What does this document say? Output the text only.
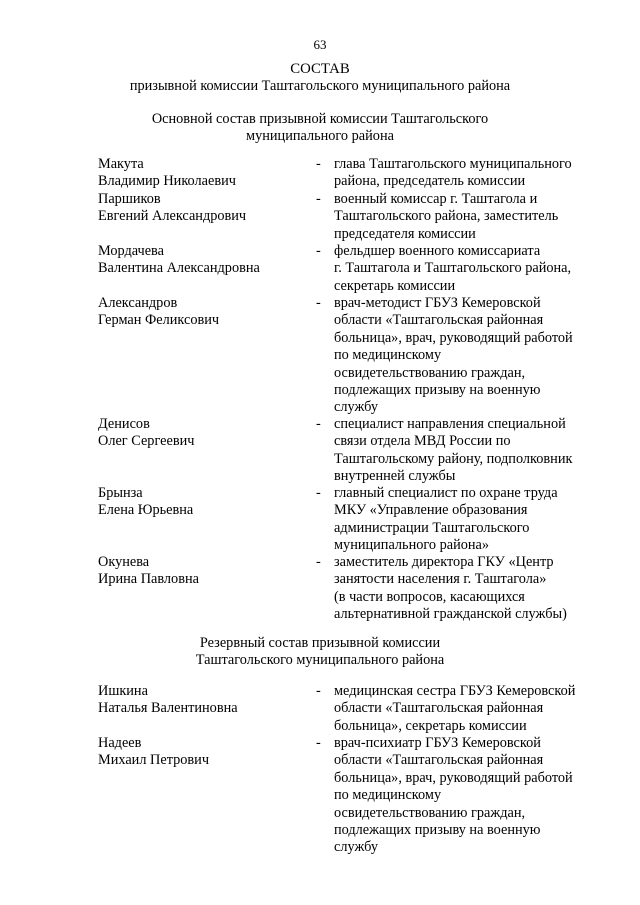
63
СОСТАВ
призывной комиссии Таштагольского муниципального района
Основной состав призывной комиссии Таштагольского
муниципального района
Макута
Владимир Николаевич
- глава Таштагольского муниципального
района, председатель комиссии
Паршиков
Евгений Александрович
- военный комиссар г. Таштагола и
Таштагольского района, заместитель
председателя комиссии
Мордачева
Валентина Александровна
- фельдшер военного комиссариата
г. Таштагола и Таштагольского района,
секретарь комиссии
Александров
Герман Феликсович
- врач-методист ГБУЗ Кемеровской
области «Таштагольская районная
больница», врач, руководящий работой
по медицинскому
освидетельствованию граждан,
подлежащих призыву на военную
службу
Денисов
Олег Сергеевич
- специалист направления специальной
связи отдела МВД России по
Таштагольскому району, подполковник
внутренней службы
Брынза
Елена Юрьевна
- главный специалист по охране труда
МКУ «Управление образования
администрации Таштагольского
муниципального района»
Окунева
Ирина Павловна
- заместитель директора ГКУ «Центр
занятости населения г. Таштагола»
(в части вопросов, касающихся
альтернативной гражданской службы)
Резервный состав призывной комиссии
Таштагольского муниципального района
Ишкина
Наталья Валентиновна
- медицинская сестра ГБУЗ Кемеровской
области «Таштагольская районная
больница», секретарь комиссии
Надеев
Михаил Петрович
- врач-психиатр ГБУЗ Кемеровской
области «Таштагольская районная
больница», врач, руководящий работой
по медицинскому
освидетельствованию граждан,
подлежащих призыву на военную
службу
